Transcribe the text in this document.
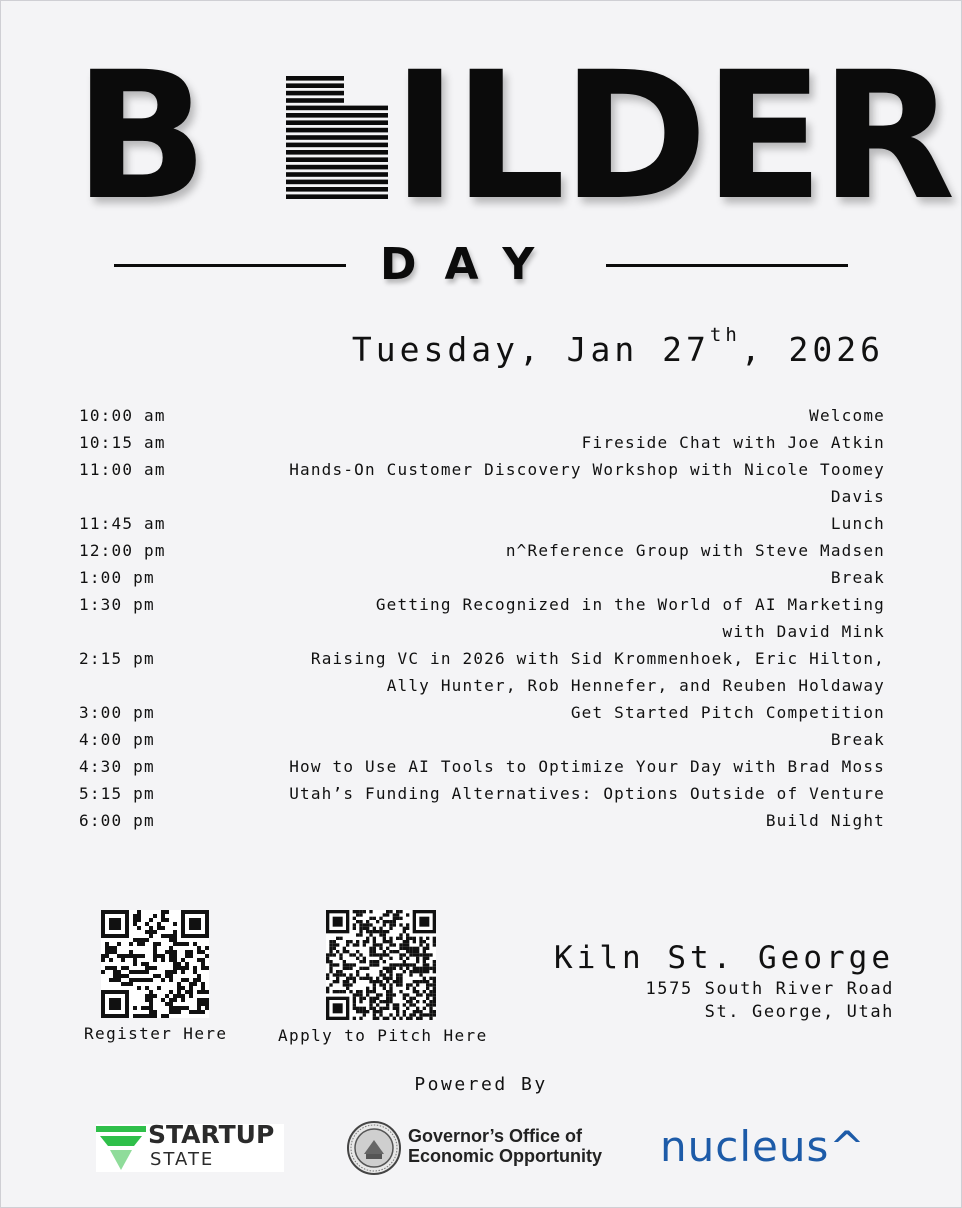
B ILDER
DAY
Tuesday, Jan 27th, 2026
10:00 am	Welcome
10:15 am	Fireside Chat with Joe Atkin
11:00 am	Hands-On Customer Discovery Workshop with Nicole Toomey Davis
11:45 am	Lunch
12:00 pm	n^Reference Group with Steve Madsen
1:00 pm	Break
1:30 pm	Getting Recognized in the World of AI Marketing
with David Mink
2:15 pm	Raising VC in 2026 with Sid Krommenhoek, Eric Hilton,
Ally Hunter, Rob Hennefer, and Reuben Holdaway
3:00 pm	Get Started Pitch Competition
4:00 pm	Break
4:30 pm	How to Use AI Tools to Optimize Your Day with Brad Moss
5:15 pm	Utah’s Funding Alternatives: Options Outside of Venture
6:00 pm	Build Night
Register Here	Apply to Pitch Here
Kiln St. George
1575 South River Road
St. George, Utah
Powered By
STARTUP
STATE
Governor’s Office of
Economic Opportunity nucleus^
